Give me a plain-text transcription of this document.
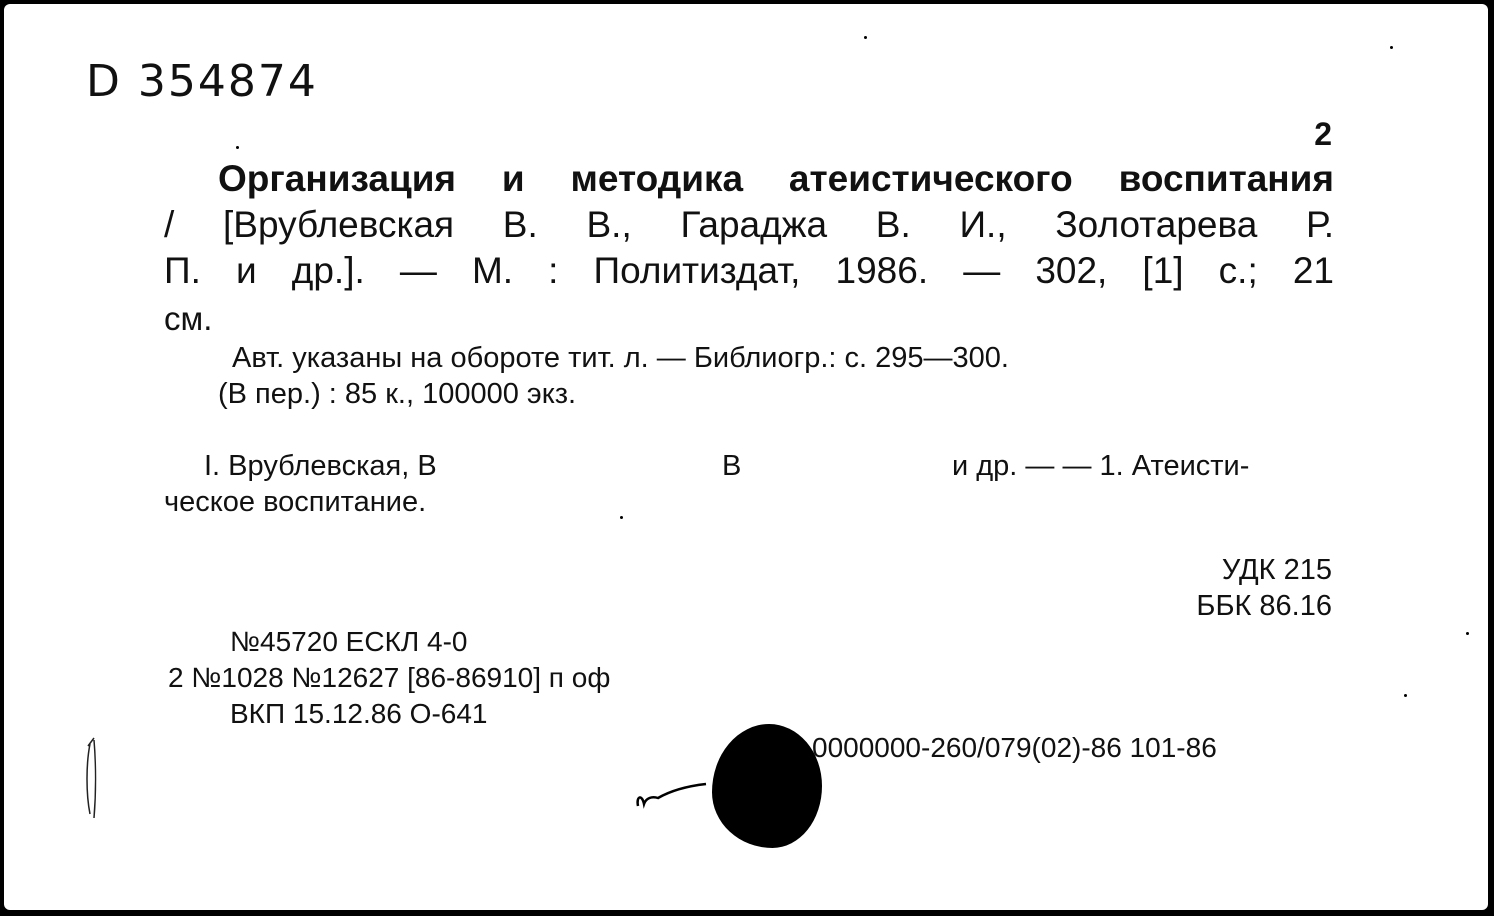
D 354874
2
Организация и методика атеистического воспитания
/ [Врублевская В. В., Гараджа В. И., Золотарева Р.
П. и др.]. — М. : Политиздат, 1986. — 302, [1] с.; 21
см.
Авт. указаны на обороте тит. л. — Библиогр.: с. 295—300.
(В пер.) : 85 к., 100000 экз.
I. Врублевская, В	В	и др. — — 1. Атеисти-
ческое воспитание.
УДК 215
ББК 86.16
№45720 ЕСКЛ 4-0
2 №1028 №12627 [86-86910] п оф
ВКП 15.12.86 О-641
0000000-260/079(02)-86 101-86
